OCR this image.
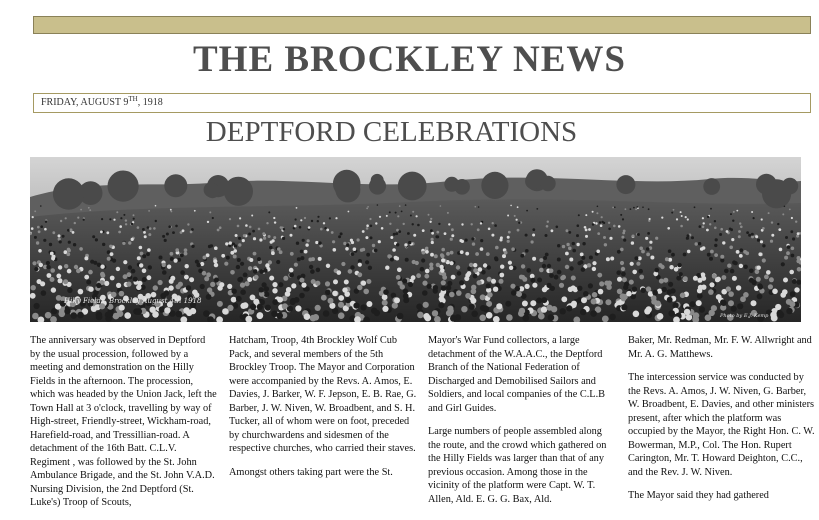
THE BROCKLEY NEWS
FRIDAY, AUGUST 9TH, 1918
DEPTFORD CELEBRATIONS
Hilly Fields, Brockley August 4th 1918
Photo by E.J. Kemp

The anniversary was observed in Deptford by the usual procession, followed by a meeting and demonstration on the Hilly Fields in the afternoon. The procession, which was headed by the Union Jack, left the Town Hall at 3 o'clock, travelling by way of High-street, Friendly-street, Wickham-road, Harefield-road, and Tressillian-road. A detachment of the 16th Batt. C.L.V. Regiment , was followed by the St. John Ambulance Brigade, and the St. John V.A.D. Nursing Division, the 2nd Deptford (St. Luke's) Troop of Scouts,

Hatcham, Troop, 4th Brockley Wolf Cub Pack, and several members of the 5th Brockley Troop. The Mayor and Corporation were accompanied by the Revs. A. Amos, E. Davies, J. Barker, W. F. Jepson, E. B. Rae, G. Barber, J. W. Niven, W. Broadbent, and S. H. Tucker, all of whom were on foot, preceded by churchwardens and sidesmen of the respective churches, who carried their staves.

Amongst others taking part were the St.

Mayor's War Fund collectors, a large detachment of the W.A.A.C., the Deptford Branch of the National Federation of Discharged and Demobilised Sailors and Soldiers, and local companies of the C.L.B and Girl Guides.

Large numbers of people assembled along the route, and the crowd which gathered on the Hilly Fields was larger than that of any previous occasion. Among those in the vicinity of the platform were Capt. W. T. Allen, Ald. E. G. G. Bax, Ald.

Baker, Mr. Redman, Mr. F. W. Allwright and Mr. A. G. Matthews.

The intercession service was conducted by the Revs. A. Amos, J. W. Niven, G. Barber, W. Broadbent, E. Davies, and other ministers present, after which the platform was occupied by the Mayor, the Right Hon. C. W. Bowerman, M.P., Col. The Hon. Rupert Carington, Mr. T. Howard Deighton, C.C., and the Rev. J. W. Niven.

The Mayor said they had gathered
